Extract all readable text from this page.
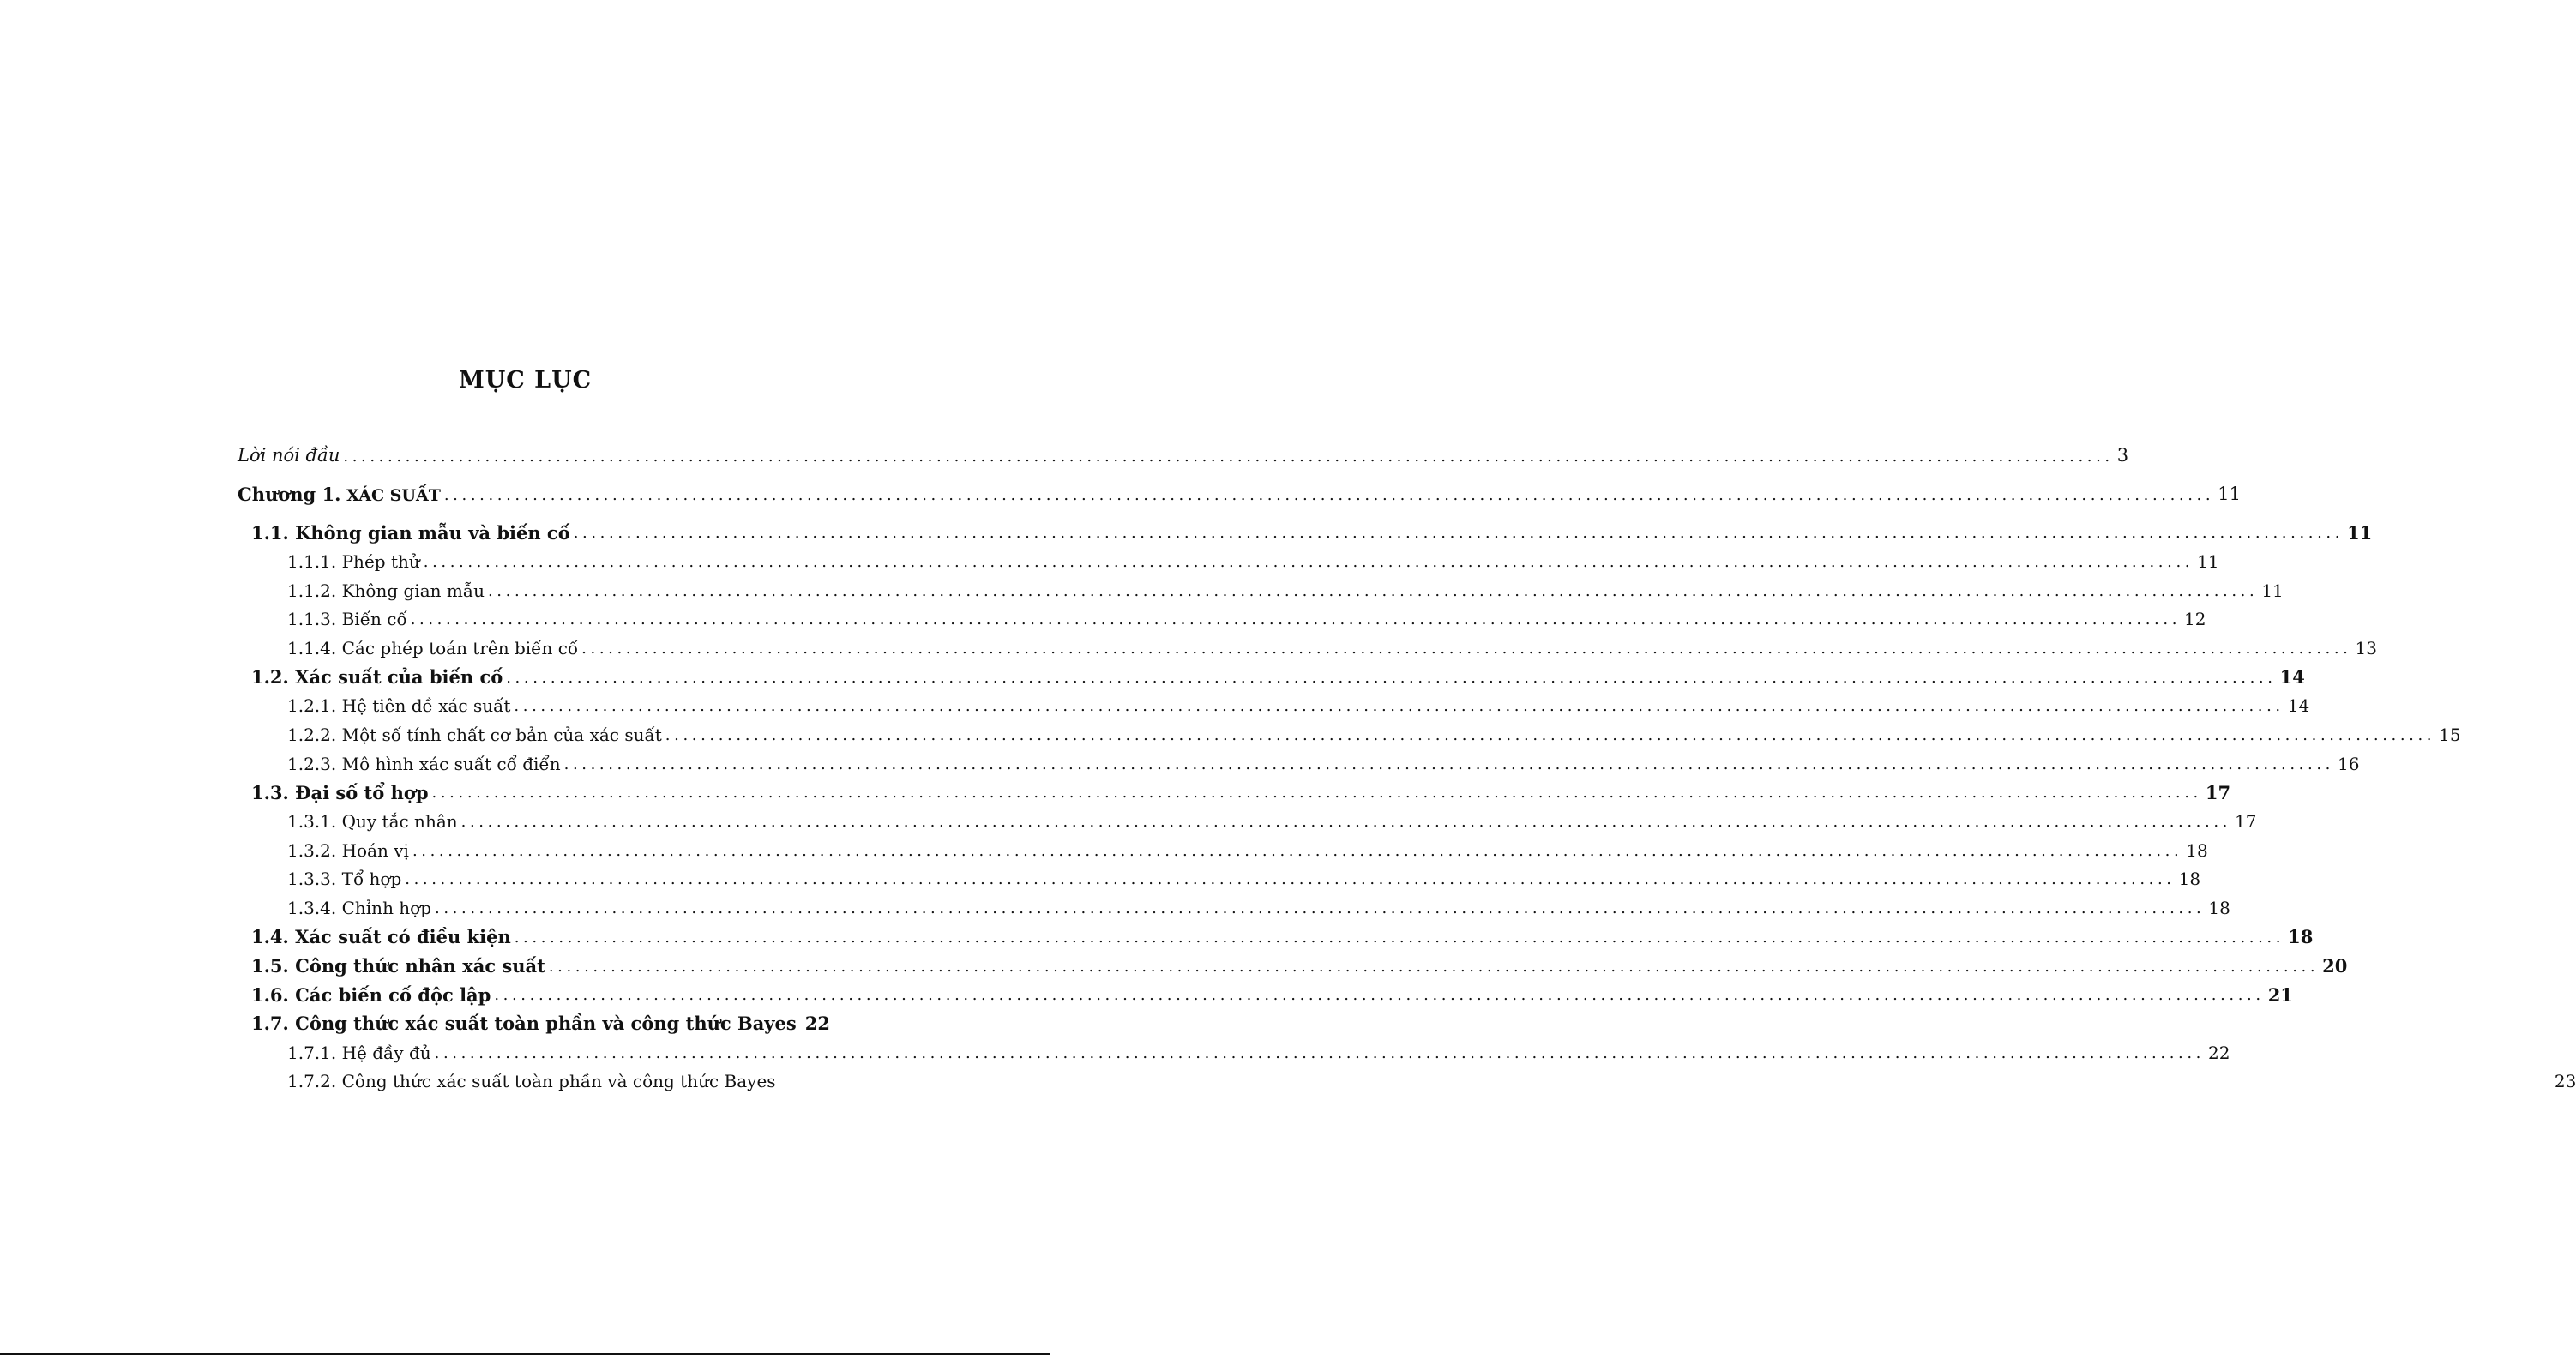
MỤC LỤC
Lời nói đầu ........................................................................................................................................................................................................ 3
Chương 1. XÁC SUẤT ........................................................................................................................................................................................................ 11
1.1. Không gian mẫu và biến cố ........................................................................................................................................................................................................ 11
1.1.1. Phép thử ........................................................................................................................................................................................................ 11
1.1.2. Không gian mẫu ........................................................................................................................................................................................................ 11
1.1.3. Biến cố ........................................................................................................................................................................................................ 12
1.1.4. Các phép toán trên biến cố ........................................................................................................................................................................................................ 13
1.2. Xác suất của biến cố ........................................................................................................................................................................................................ 14
1.2.1. Hệ tiên đề xác suất ........................................................................................................................................................................................................ 14
1.2.2. Một số tính chất cơ bản của xác suất ........................................................................................................................................................................................................ 15
1.2.3. Mô hình xác suất cổ điển ........................................................................................................................................................................................................ 16
1.3. Đại số tổ hợp ........................................................................................................................................................................................................ 17
1.3.1. Quy tắc nhân ........................................................................................................................................................................................................ 17
1.3.2. Hoán vị ........................................................................................................................................................................................................ 18
1.3.3. Tổ hợp ........................................................................................................................................................................................................ 18
1.3.4. Chỉnh hợp ........................................................................................................................................................................................................ 18
1.4. Xác suất có điều kiện ........................................................................................................................................................................................................ 18
1.5. Công thức nhân xác suất ........................................................................................................................................................................................................ 20
1.6. Các biến cố độc lập ........................................................................................................................................................................................................ 21
1.7. Công thức xác suất toàn phần và công thức Bayes 22
1.7.1. Hệ đầy đủ ........................................................................................................................................................................................................ 22
1.7.2. Công thức xác suất toàn phần và công thức Bayes	23
